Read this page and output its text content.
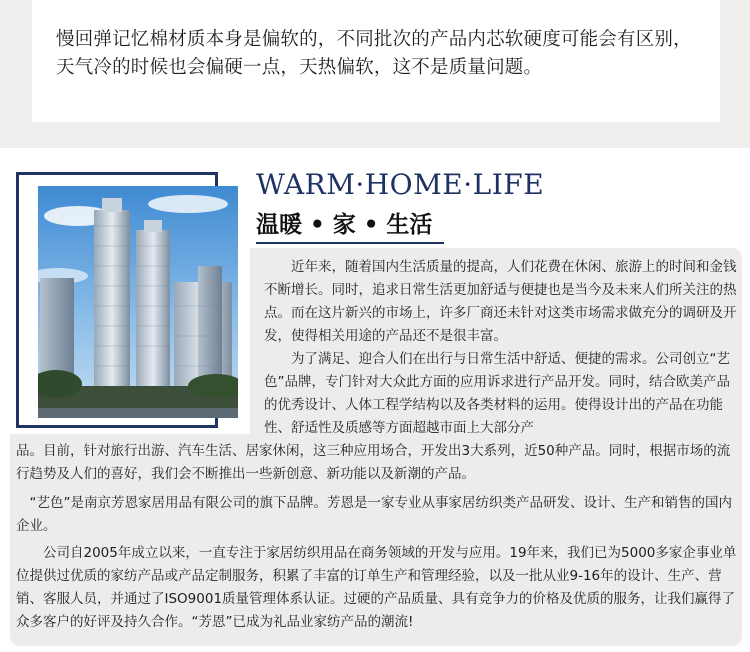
慢回弹记忆棉材质本身是偏软的，不同批次的产品内芯软硬度可能会有区别，天气冷的时候也会偏硬一点，天热偏软，这不是质量问题。

WARM·HOME·LIFE
温暖 • 家 • 生活

　　近年来，随着国内生活质量的提高，人们花费在休闲、旅游上的时间和金钱不断增长。同时，追求日常生活更加舒适与便捷也是当今及未来人们所关注的热点。而在这片新兴的市场上，许多厂商还未针对这类市场需求做充分的调研及开发，使得相关用途的产品还不是很丰富。

　　为了满足、迎合人们在出行与日常生活中舒适、便捷的需求。公司创立“艺色”品牌，专门针对大众此方面的应用诉求进行产品开发。同时，结合欧美产品的优秀设计、人体工程学结构以及各类材料的运用。使得设计出的产品在功能性、舒适性及质感等方面超越市面上大部分产

品。目前，针对旅行出游、汽车生活、居家休闲，这三种应用场合，开发出3大系列，近50种产品。同时，根据市场的流行趋势及人们的喜好，我们会不断推出一些新创意、新功能以及新潮的产品。

　“艺色”是南京芳恩家居用品有限公司的旗下品牌。芳恩是一家专业从事家居纺织类产品研发、设计、生产和销售的国内企业。

　　公司自2005年成立以来，一直专注于家居纺织用品在商务领域的开发与应用。19年来，我们已为5000多家企事业单位提供过优质的家纺产品或产品定制服务，积累了丰富的订单生产和管理经验，以及一批从业9-16年的设计、生产、营销、客服人员，并通过了ISO9001质量管理体系认证。过硬的产品质量、具有竞争力的价格及优质的服务，让我们赢得了众多客户的好评及持久合作。“芳恩”已成为礼品业家纺产品的潮流!
